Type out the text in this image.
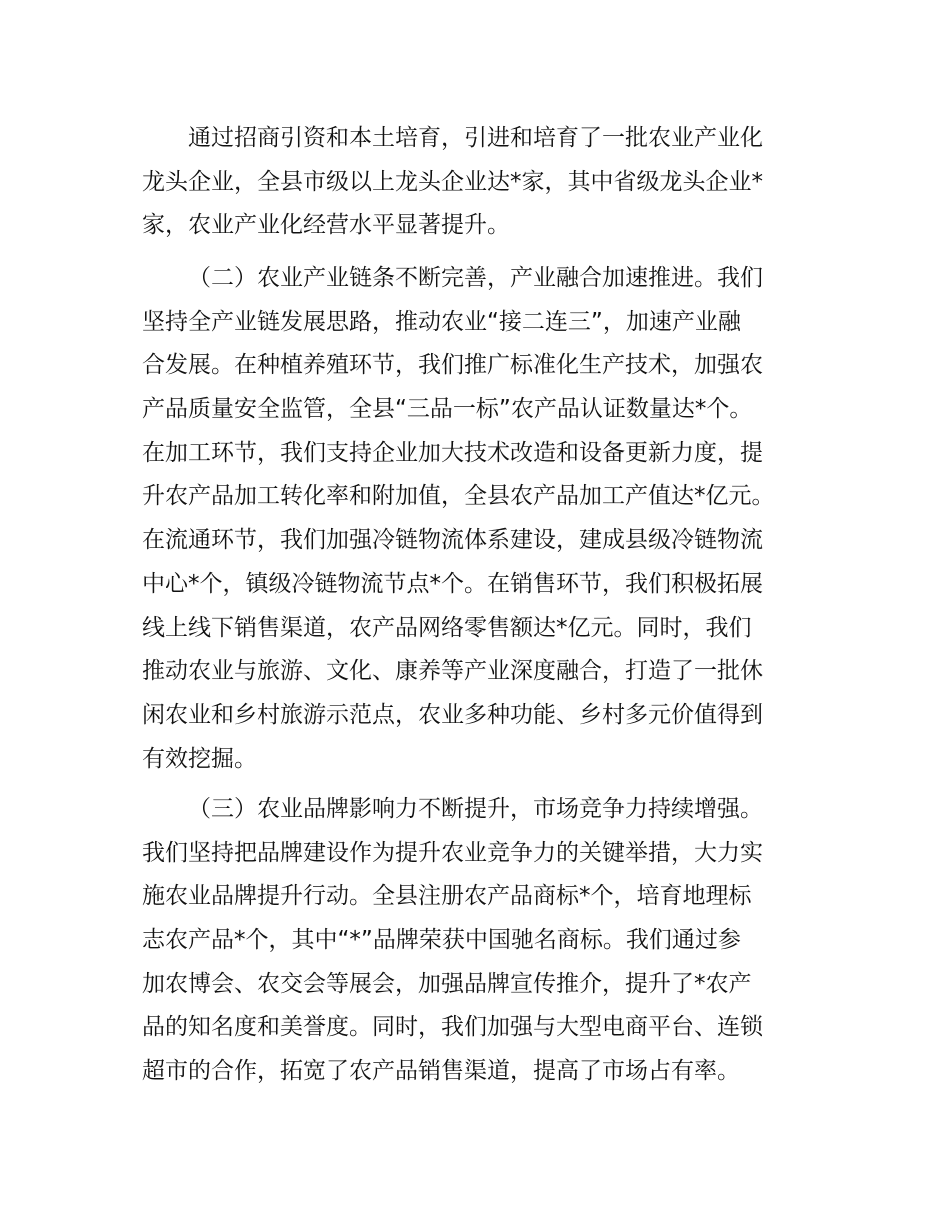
通过招商引资和本土培育，引进和培育了一批农业产业化
龙头企业，全县市级以上龙头企业达*家，其中省级龙头企业*
家，农业产业化经营水平显著提升。
（二）农业产业链条不断完善，产业融合加速推进。我们
坚持全产业链发展思路，推动农业“接二连三”，加速产业融
合发展。在种植养殖环节，我们推广标准化生产技术，加强农
产品质量安全监管，全县“三品一标”农产品认证数量达*个。
在加工环节，我们支持企业加大技术改造和设备更新力度，提
升农产品加工转化率和附加值，全县农产品加工产值达*亿元。
在流通环节，我们加强冷链物流体系建设，建成县级冷链物流
中心*个，镇级冷链物流节点*个。在销售环节，我们积极拓展
线上线下销售渠道，农产品网络零售额达*亿元。同时，我们
推动农业与旅游、文化、康养等产业深度融合，打造了一批休
闲农业和乡村旅游示范点，农业多种功能、乡村多元价值得到
有效挖掘。
（三）农业品牌影响力不断提升，市场竞争力持续增强。
我们坚持把品牌建设作为提升农业竞争力的关键举措，大力实
施农业品牌提升行动。全县注册农产品商标*个，培育地理标
志农产品*个，其中“*”品牌荣获中国驰名商标。我们通过参
加农博会、农交会等展会，加强品牌宣传推介，提升了*农产
品的知名度和美誉度。同时，我们加强与大型电商平台、连锁
超市的合作，拓宽了农产品销售渠道，提高了市场占有率。
